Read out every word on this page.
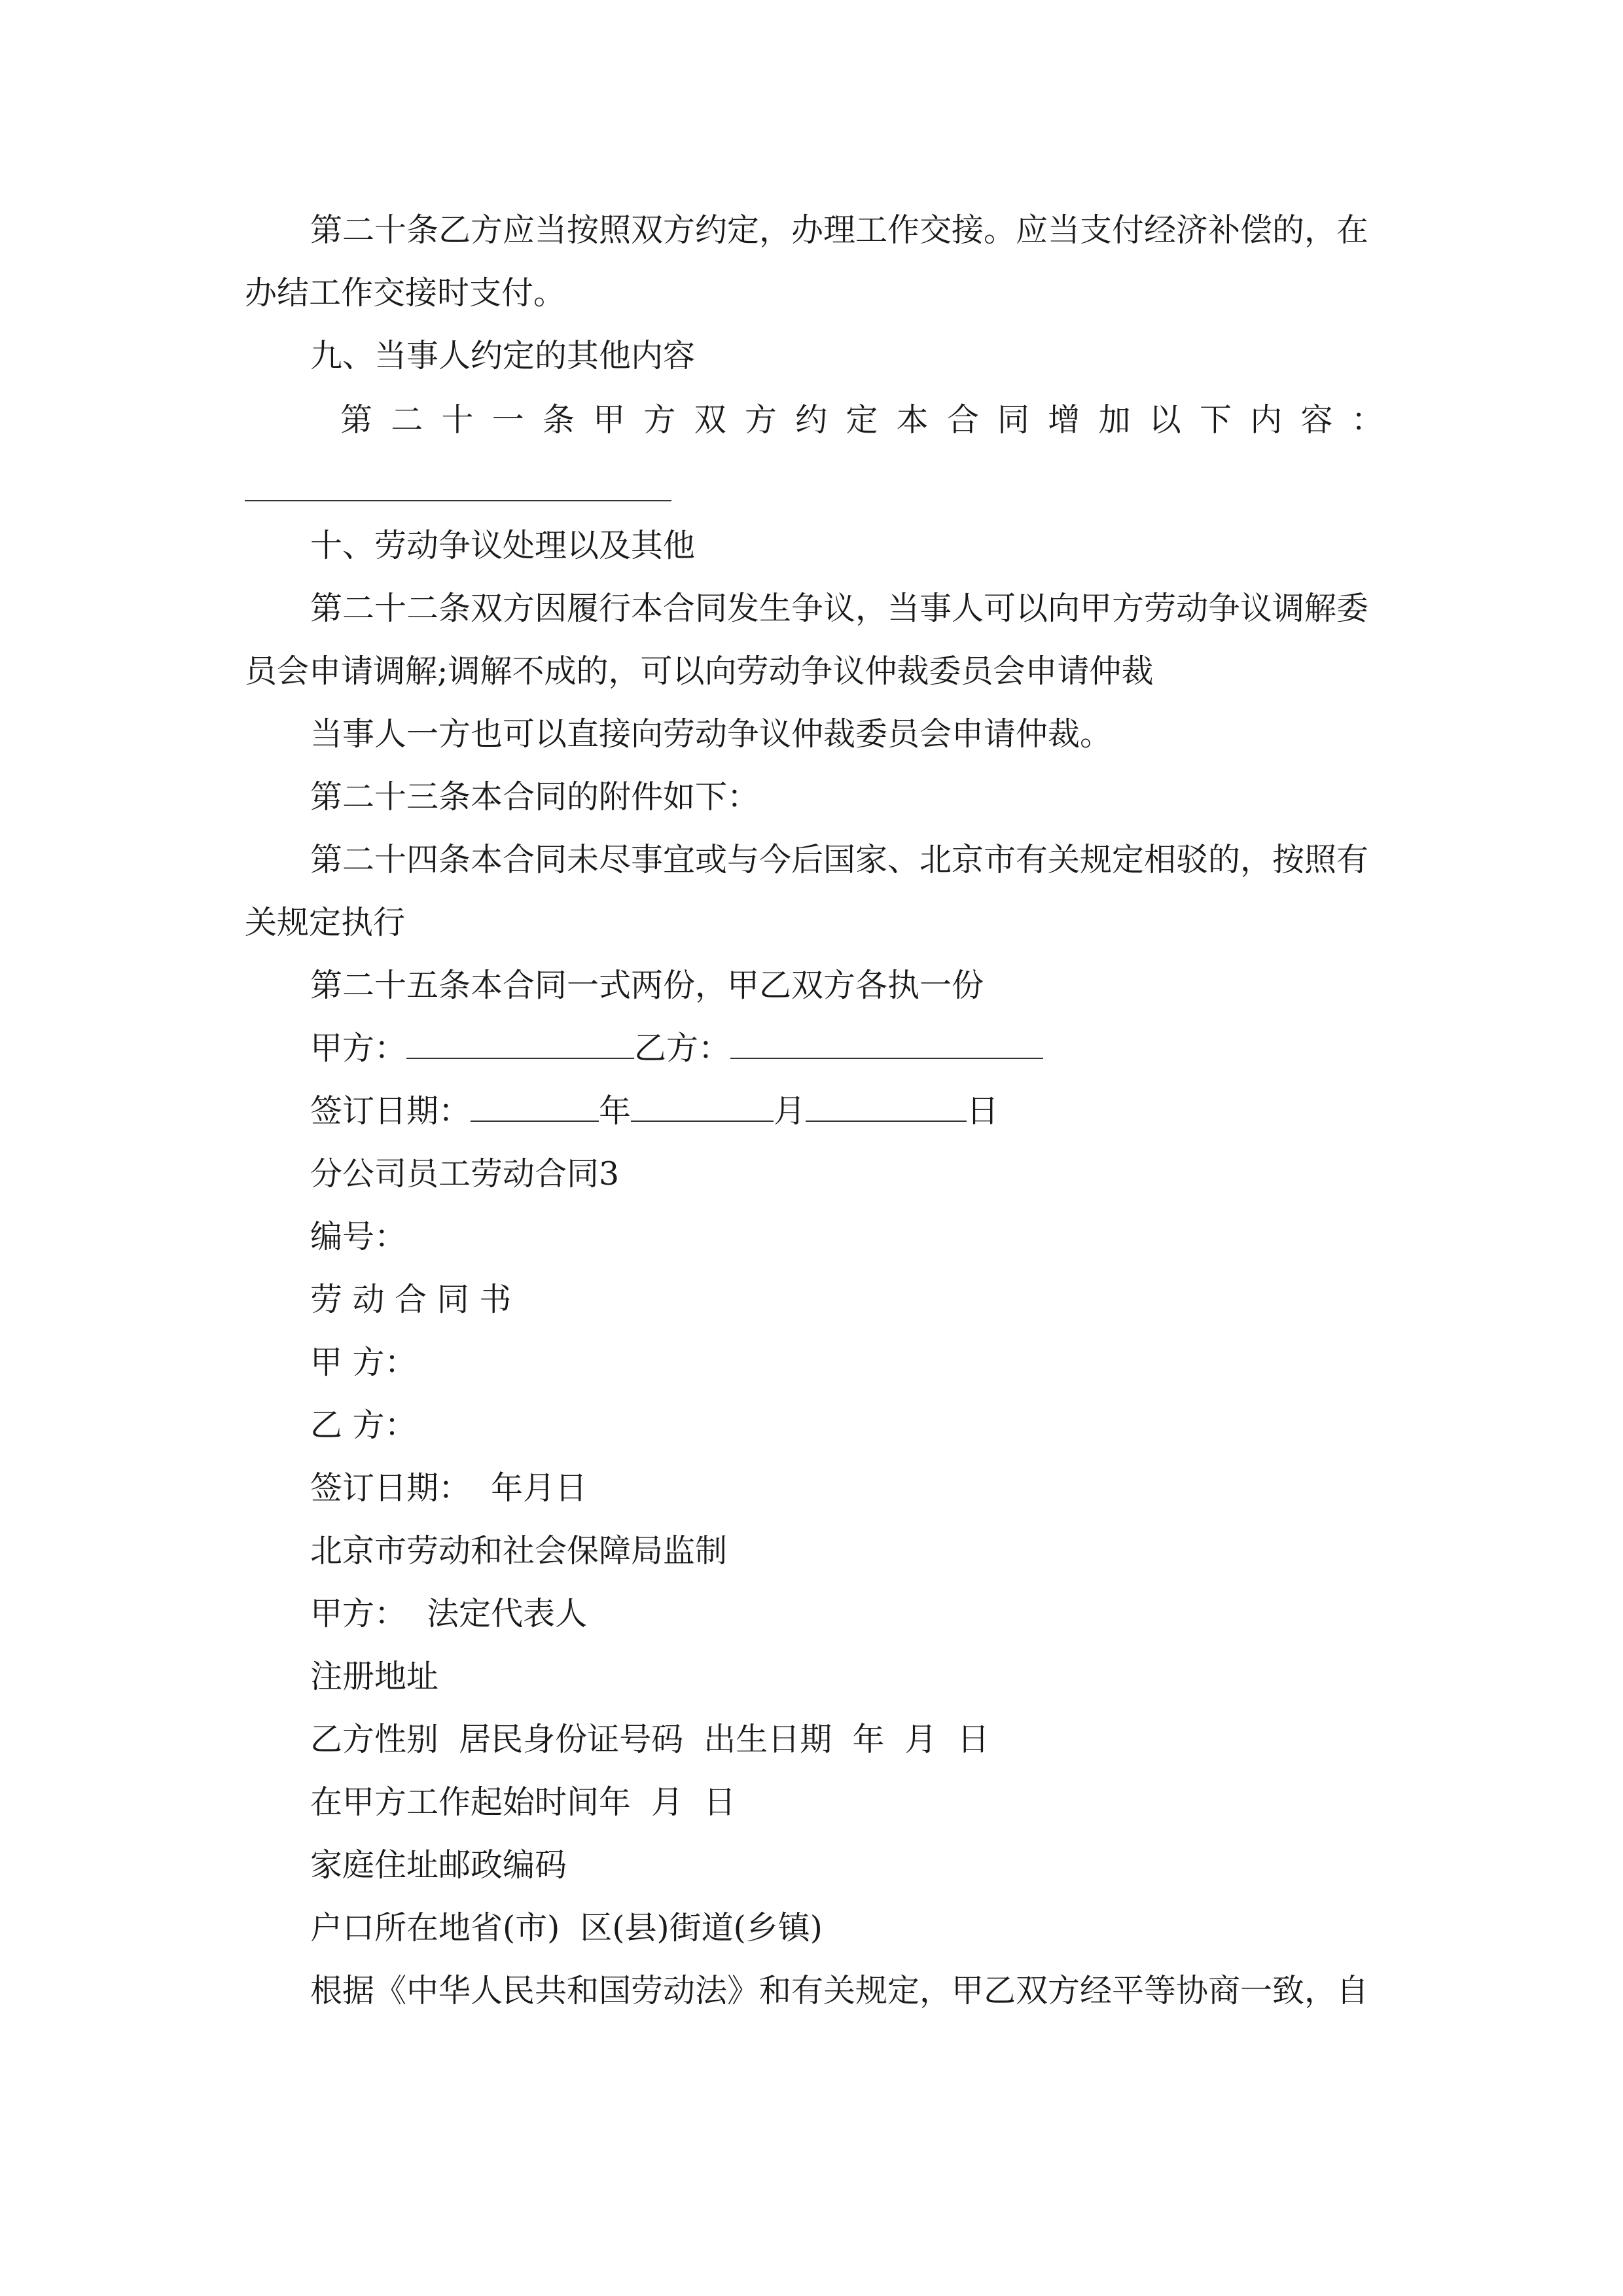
第二十条乙方应当按照双方约定，办理工作交接。应当支付经济补偿的，在
办结工作交接时支付。
九、当事人约定的其他内容
第 二 十 一 条 甲 方 双 方 约 定 本 合 同 增 加 以 下 内 容 ：
十、劳动争议处理以及其他
第二十二条双方因履行本合同发生争议，当事人可以向甲方劳动争议调解委
员会申请调解;调解不成的，可以向劳动争议仲裁委员会申请仲裁
当事人一方也可以直接向劳动争议仲裁委员会申请仲裁。
第二十三条本合同的附件如下：
第二十四条本合同未尽事宜或与今后国家、北京市有关规定相驳的，按照有
关规定执行
第二十五条本合同一式两份，甲乙双方各执一份
甲方：	乙方：
签订日期：	年	月	日
分公司员工劳动合同3
编号：
劳 动 合 同 书
甲 方：
乙 方：
签订日期：  年月日
北京市劳动和社会保障局监制
甲方：  法定代表人
注册地址
乙方性别  居民身份证号码  出生日期  年  月  日
在甲方工作起始时间年  月  日
家庭住址邮政编码
户口所在地省(市)  区(县)街道(乡镇)
根据《中华人民共和国劳动法》和有关规定，甲乙双方经平等协商一致，自
